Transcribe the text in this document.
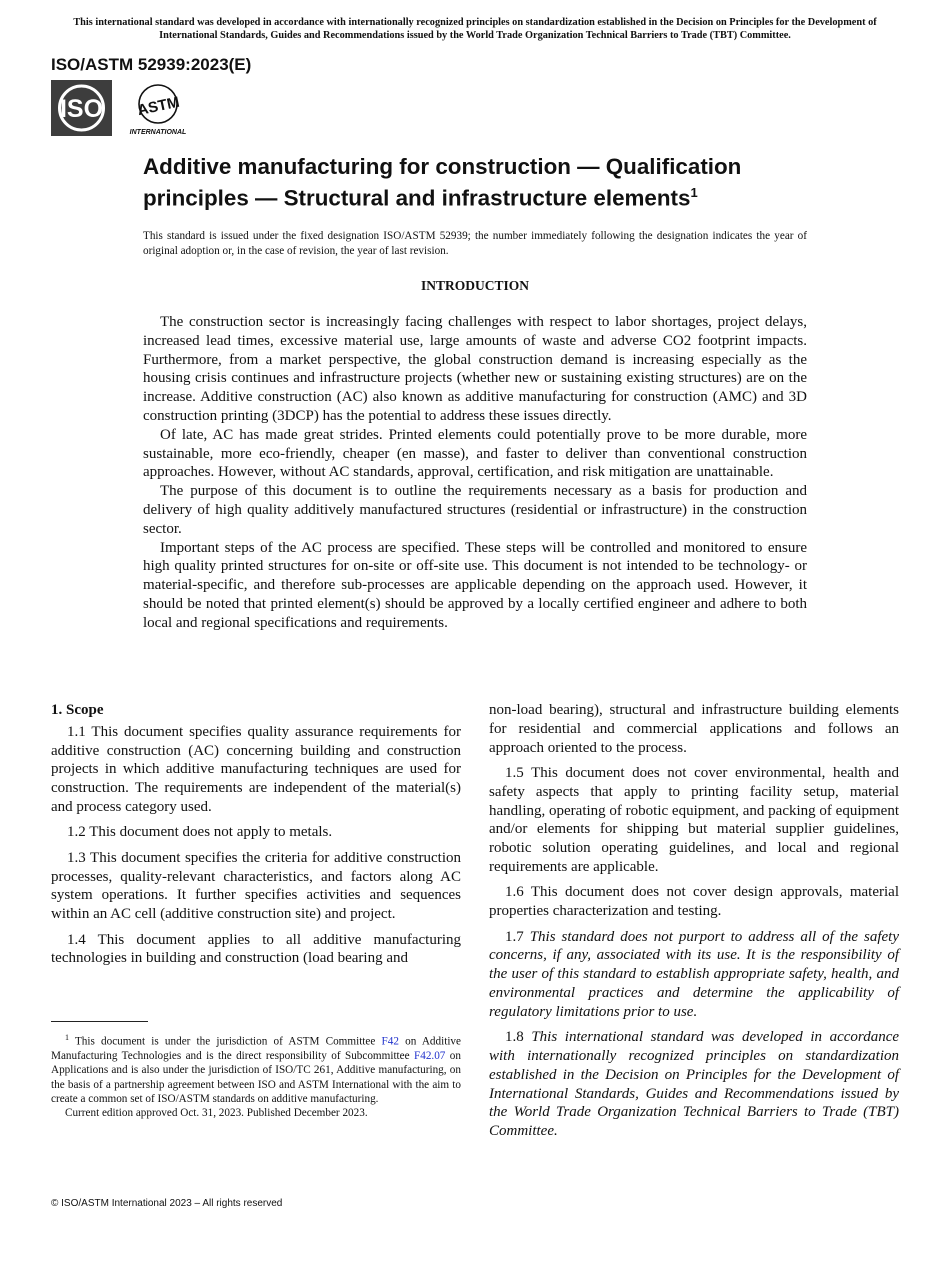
This international standard was developed in accordance with internationally recognized principles on standardization established in the Decision on Principles for the Development of International Standards, Guides and Recommendations issued by the World Trade Organization Technical Barriers to Trade (TBT) Committee.
ISO/ASTM 52939:2023(E)
ISO ASTM
INTERNATIONAL
Additive manufacturing for construction — Qualification principles — Structural and infrastructure elements$^1$
This standard is issued under the fixed designation ISO/ASTM 52939; the number immediately following the designation indicates the year of original adoption or, in the case of revision, the year of last revision.
INTRODUCTION

The construction sector is increasingly facing challenges with respect to labor shortages, project delays, increased lead times, excessive material use, large amounts of waste and adverse CO2 footprint impacts. Furthermore, from a market perspective, the global construction demand is increasing especially as the housing crisis continues and infrastructure projects (whether new or sustaining existing structures) are on the increase. Additive construction (AC) also known as additive manufacturing for construction (AMC) and 3D construction printing (3DCP) has the potential to address these issues directly.

Of late, AC has made great strides. Printed elements could potentially prove to be more durable, more sustainable, more eco-friendly, cheaper (en masse), and faster to deliver than conventional construction approaches. However, without AC standards, approval, certification, and risk mitigation are unattainable.

The purpose of this document is to outline the requirements necessary as a basis for production and delivery of high quality additively manufactured structures (residential or infrastructure) in the construction sector.

Important steps of the AC process are specified. These steps will be controlled and monitored to ensure high quality printed structures for on-site or off-site use. This document is not intended to be technology- or material-specific, and therefore sub-processes are applicable depending on the approach used. However, it should be noted that printed element(s) should be approved by a locally certified engineer and adhere to both local and regional specifications and requirements.

1. Scope

1.1 This document specifies quality assurance requirements for additive construction (AC) concerning building and construction projects in which additive manufacturing techniques are used for construction. The requirements are independent of the material(s) and process category used.

1.2 This document does not apply to metals.

1.3 This document specifies the criteria for additive construction processes, quality-relevant characteristics, and factors along AC system operations. It further specifies activities and sequences within an AC cell (additive construction site) and project.

1.4 This document applies to all additive manufacturing technologies in building and construction (load bearing and

non-load bearing), structural and infrastructure building elements for residential and commercial applications and follows an approach oriented to the process.

1.5 This document does not cover environmental, health and safety aspects that apply to printing facility setup, material handling, operating of robotic equipment, and packing of equipment and/or elements for shipping but material supplier guidelines, robotic solution operating guidelines, and local and regional requirements are applicable.

1.6 This document does not cover design approvals, material properties characterization and testing.

1.7 This standard does not purport to address all of the safety concerns, if any, associated with its use. It is the responsibility of the user of this standard to establish appropriate safety, health, and environmental practices and determine the applicability of regulatory limitations prior to use.

1.8 This international standard was developed in accordance with internationally recognized principles on standardization established in the Decision on Principles for the Development of International Standards, Guides and Recommendations issued by the World Trade Organization Technical Barriers to Trade (TBT) Committee.

$^1$ This document is under the jurisdiction of ASTM Committee F42 on Additive Manufacturing Technologies and is the direct responsibility of Subcommittee F42.07 on Applications and is also under the jurisdiction of ISO/TC 261, Additive manufacturing, on the basis of a partnership agreement between ISO and ASTM International with the aim to create a common set of ISO/ASTM standards on additive manufacturing.

Current edition approved Oct. 31, 2023. Published December 2023.

© ISO/ASTM International 2023 – All rights reserved
